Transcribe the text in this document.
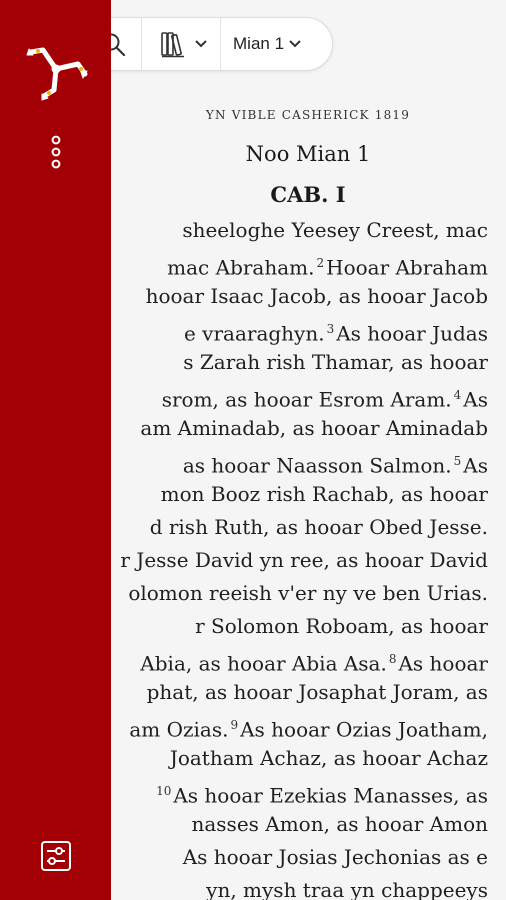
Mian 1
YN VIBLE CASHERICK 1819
Noo Mian 1
CAB. I
sheeloghe Yeesey Creest, mac
mac Abraham. $^2$ Hooar Abraham
hooar Isaac Jacob, as hooar Jacob
e vraaraghyn. $^3$ As hooar Judas
s Zarah rish Thamar, as hooar
srom, as hooar Esrom Aram. $^4$ As
am Aminadab, as hooar Aminadab
as hooar Naasson Salmon. $^5$ As
mon Booz rish Rachab, as hooar
d rish Ruth, as hooar Obed Jesse.
r Jesse David yn ree, as hooar David
olomon reeish v'er ny ve ben Urias.
r Solomon Roboam, as hooar
Abia, as hooar Abia Asa. $^8$ As hooar
phat, as hooar Josaphat Joram, as
am Ozias. $^9$ As hooar Ozias Joatham,
Joatham Achaz, as hooar Achaz
$^{10}$ As hooar Ezekias Manasses, as
nasses Amon, as hooar Amon
As hooar Josias Jechonias as e
yn, mysh traa yn chappeeys
